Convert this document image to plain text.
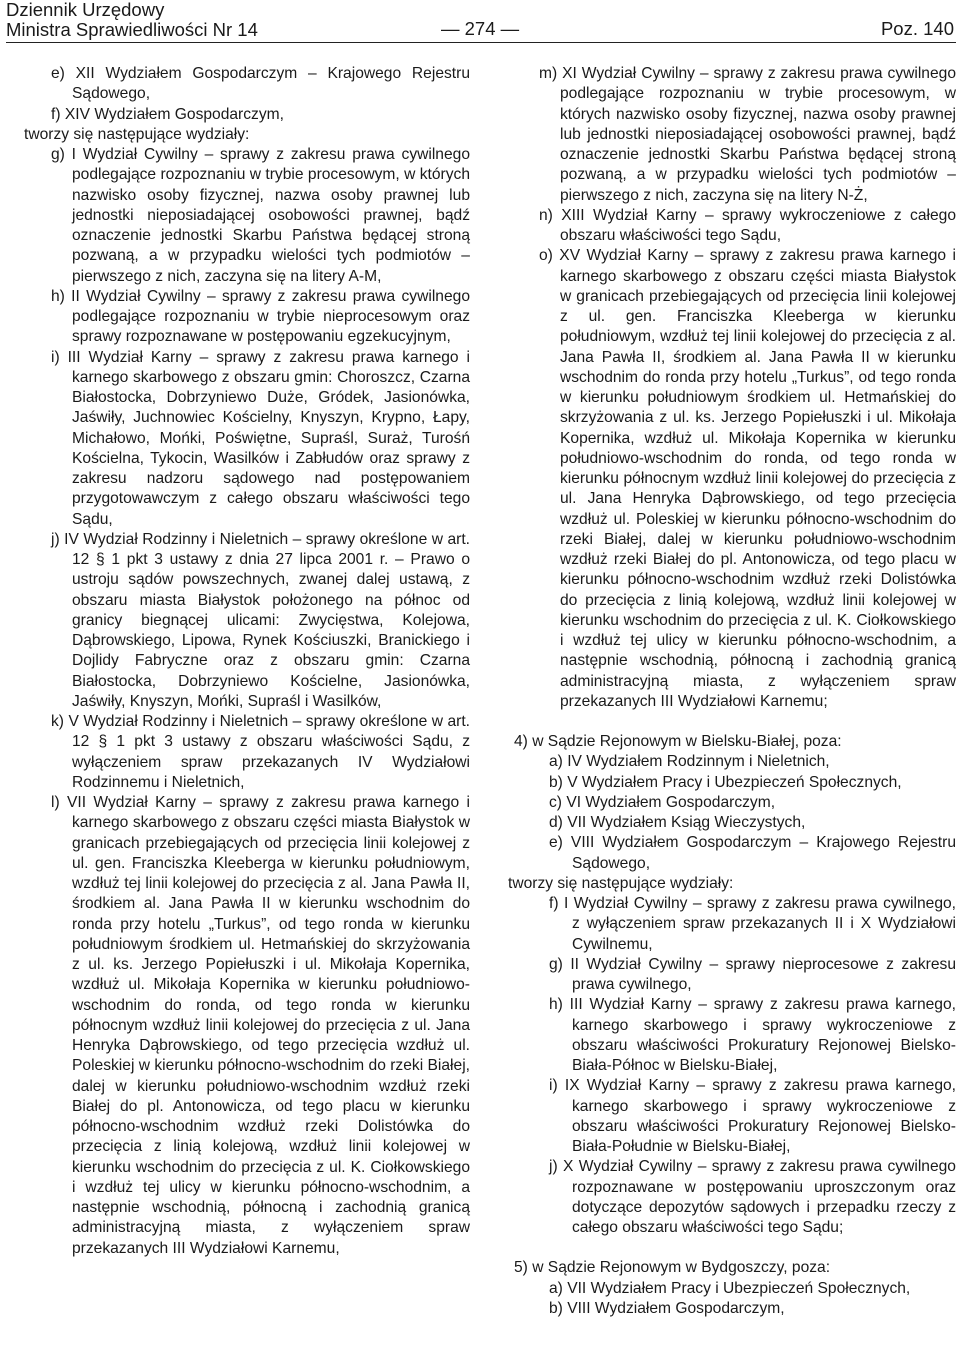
Dziennik Urzędowy
Ministra Sprawiedliwości Nr 14	— 274 —	Poz. 140
e) XII Wydziałem Gospodarczym – Krajowego Rejestru Sądowego,
f) XIV Wydziałem Gospodarczym,
tworzy się następujące wydziały:
g) I Wydział Cywilny – sprawy z zakresu prawa cywilnego podlegające rozpoznaniu w trybie procesowym, w których nazwisko osoby fizycznej, nazwa osoby prawnej lub jednostki nieposiadającej osobowości prawnej, bądź oznaczenie jednostki Skarbu Państwa będącej stroną pozwaną, a w przypadku wielości tych podmiotów – pierwszego z nich, zaczyna się na litery A-M,
h) II Wydział Cywilny – sprawy z zakresu prawa cywilnego podlegające rozpoznaniu w trybie nieprocesowym oraz sprawy rozpoznawane w postępowaniu egzekucyjnym,
i) III Wydział Karny – sprawy z zakresu prawa karnego i karnego skarbowego z obszaru gmin: Choroszcz, Czarna Białostocka, Dobrzyniewo Duże, Gródek, Jasionówka, Jaświły, Juchnowiec Kościelny, Knyszyn, Krypno, Łapy, Michałowo, Mońki, Poświętne, Supraśl, Suraż, Turośń Kościelna, Tykocin, Wasilków i Zabłudów oraz sprawy z zakresu nadzoru sądowego nad postępowaniem przygotowawczym z całego obszaru właściwości tego Sądu,
j) IV Wydział Rodzinny i Nieletnich – sprawy określone w art. 12 § 1 pkt 3 ustawy z dnia 27 lipca 2001 r. – Prawo o ustroju sądów powszechnych, zwanej dalej ustawą, z obszaru miasta Białystok położonego na północ od granicy biegnącej ulicami: Zwycięstwa, Kolejowa, Dąbrowskiego, Lipowa, Rynek Kościuszki, Branickiego i Dojlidy Fabryczne oraz z obszaru gmin: Czarna Białostocka, Dobrzyniewo Kościelne, Jasionówka, Jaświły, Knyszyn, Mońki, Supraśl i Wasilków,
k) V Wydział Rodzinny i Nieletnich – sprawy określone w art. 12 § 1 pkt 3 ustawy z obszaru właściwości Sądu, z wyłączeniem spraw przekazanych IV Wydziałowi Rodzinnemu i Nieletnich,
l) VII Wydział Karny – sprawy z zakresu prawa karnego i karnego skarbowego z obszaru części miasta Białystok w granicach przebiegających od przecięcia linii kolejowej z ul. gen. Franciszka Kleeberga w kierunku południowym, wzdłuż tej linii kolejowej do przecięcia z al. Jana Pawła II, środkiem al. Jana Pawła II w kierunku wschodnim do ronda przy hotelu „Turkus”, od tego ronda w kierunku południowym środkiem ul. Hetmańskiej do skrzyżowania z ul. ks. Jerzego Popiełuszki i ul. Mikołaja Kopernika, wzdłuż ul. Mikołaja Kopernika w kierunku południowo-wschodnim do ronda, od tego ronda w kierunku północnym wzdłuż linii kolejowej do przecięcia z ul. Jana Henryka Dąbrowskiego, od tego przecięcia wzdłuż ul. Poleskiej w kierunku północno-wschodnim do rzeki Białej, dalej w kierunku południowo-wschodnim wzdłuż rzeki Białej do pl. Antonowicza, od tego placu w kierunku północno-wschodnim wzdłuż rzeki Dolistówka do przecięcia z linią kolejową, wzdłuż linii kolejowej w kierunku wschodnim do przecięcia z ul. K. Ciołkowskiego i wzdłuż tej ulicy w kierunku północno-wschodnim, a następnie wschodnią, północną i zachodnią granicą administracyjną miasta, z wyłączeniem spraw przekazanych III Wydziałowi Karnemu,
m) XI Wydział Cywilny – sprawy z zakresu prawa cywilnego podlegające rozpoznaniu w trybie procesowym, w których nazwisko osoby fizycznej, nazwa osoby prawnej lub jednostki nieposiadającej osobowości prawnej, bądź oznaczenie jednostki Skarbu Państwa będącej stroną pozwaną, a w przypadku wielości tych podmiotów – pierwszego z nich, zaczyna się na litery N-Ż,
n) XIII Wydział Karny – sprawy wykroczeniowe z całego obszaru właściwości tego Sądu,
o) XV Wydział Karny – sprawy z zakresu prawa karnego i karnego skarbowego z obszaru części miasta Białystok w granicach przebiegających od przecięcia linii kolejowej z ul. gen. Franciszka Kleeberga w kierunku południowym, wzdłuż tej linii kolejowej do przecięcia z al. Jana Pawła II, środkiem al. Jana Pawła II w kierunku wschodnim do ronda przy hotelu „Turkus”, od tego ronda w kierunku południowym środkiem ul. Hetmańskiej do skrzyżowania z ul. ks. Jerzego Popiełuszki i ul. Mikołaja Kopernika, wzdłuż ul. Mikołaja Kopernika w kierunku południowo-wschodnim do ronda, od tego ronda w kierunku północnym wzdłuż linii kolejowej do przecięcia z ul. Jana Henryka Dąbrowskiego, od tego przecięcia wzdłuż ul. Poleskiej w kierunku północno-wschodnim do rzeki Białej, dalej w kierunku południowo-wschodnim wzdłuż rzeki Białej do pl. Antonowicza, od tego placu w kierunku północno-wschodnim wzdłuż rzeki Dolistówka do przecięcia z linią kolejową, wzdłuż linii kolejowej w kierunku wschodnim do przecięcia z ul. K. Ciołkowskiego i wzdłuż tej ulicy w kierunku północno-wschodnim, a następnie wschodnią, północną i zachodnią granicą administracyjną miasta, z wyłączeniem spraw przekazanych III Wydziałowi Karnemu;
4) w Sądzie Rejonowym w Bielsku-Białej, poza:
a) IV Wydziałem Rodzinnym i Nieletnich,
b) V Wydziałem Pracy i Ubezpieczeń Społecznych,
c) VI Wydziałem Gospodarczym,
d) VII Wydziałem Ksiąg Wieczystych,
e) VIII Wydziałem Gospodarczym – Krajowego Rejestru Sądowego,
tworzy się następujące wydziały:
f) I Wydział Cywilny – sprawy z zakresu prawa cywilnego, z wyłączeniem spraw przekazanych II i X Wydziałowi Cywilnemu,
g) II Wydział Cywilny – sprawy nieprocesowe z zakresu prawa cywilnego,
h) III Wydział Karny – sprawy z zakresu prawa karnego, karnego skarbowego i sprawy wykroczeniowe z obszaru właściwości Prokuratury Rejonowej Bielsko-Biała-Północ w Bielsku-Białej,
i) IX Wydział Karny – sprawy z zakresu prawa karnego, karnego skarbowego i sprawy wykroczeniowe z obszaru właściwości Prokuratury Rejonowej Bielsko-Biała-Południe w Bielsku-Białej,
j) X Wydział Cywilny – sprawy z zakresu prawa cywilnego rozpoznawane w postępowaniu uproszczonym oraz dotyczące depozytów sądowych i przepadku rzeczy z całego obszaru właściwości tego Sądu;
5) w Sądzie Rejonowym w Bydgoszczy, poza:
a) VII Wydziałem Pracy i Ubezpieczeń Społecznych,
b) VIII Wydziałem Gospodarczym,
